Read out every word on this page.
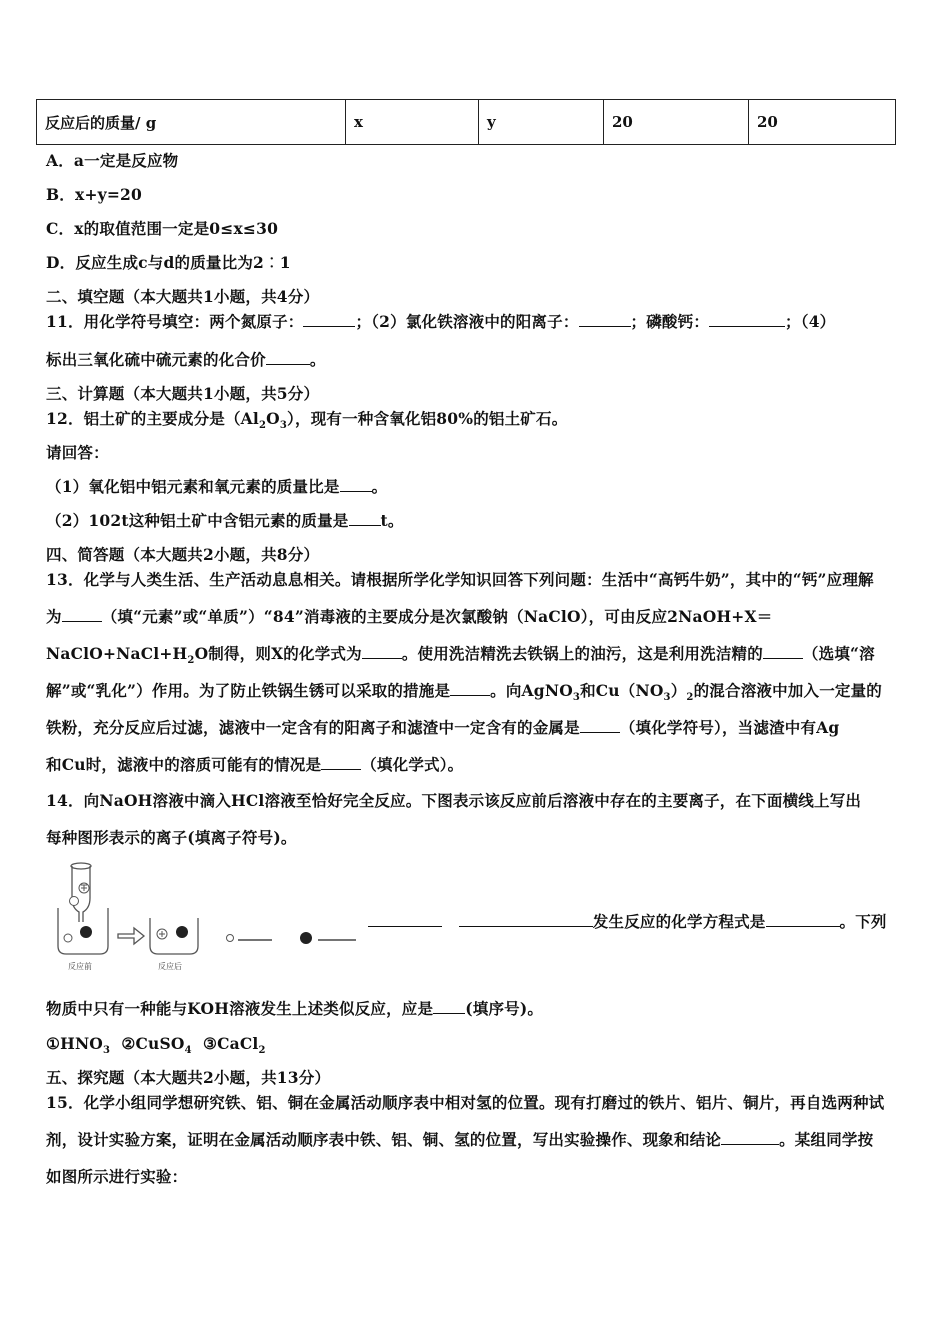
反应后的质量/ g	x	y	20	20
A．a一定是反应物
B．x+y=20
C．x的取值范围一定是0≤x≤30
D．反应生成c与d的质量比为2︰1
二、填空题（本大题共1小题，共4分）
11．用化学符号填空：两个氮原子：	；（2）氯化铁溶液中的阳离子：	；磷酸钙：	；（4）
标出三氧化硫中硫元素的化合价	。
三、计算题（本大题共1小题，共5分）
12．铝土矿的主要成分是$(Al_2O_3)$，现有一种含氧化铝80%的铝土矿石。
请回答：
（1）氧化铝中铝元素和氧元素的质量比是 。
（2）102t这种铝土矿中含铝元素的质量是 t。
四、简答题（本大题共2小题，共8分）
13．化学与人类生活、生产活动息息相关。请根据所学化学知识回答下列问题：生活中“高钙牛奶”，其中的“钙”应理解
为	（填“元素”或“单质”）“84”消毒液的主要成分是次氯酸钠（NaClO），可由反应2NaOH+X＝
$NaClO+NaCl+H_2O$制得，则X的化学式为	。使用洗洁精洗去铁锅上的油污，这是利用洗洁精的	（选填“溶
解”或“乳化”）作用。为了防止铁锅生锈可以采取的措施是	。向AgNO$_3$和$Cu(NO_3)_2$的混合溶液中加入一定量的
铁粉，充分反应后过滤，滤液中一定含有的阳离子和滤渣中一定含有的金属是	（填化学符号），当滤渣中有Ag
和Cu时，滤液中的溶质可能有的情况是	（填化学式）。
14．向NaOH溶液中滴入HCl溶液至恰好完全反应。下图表示该反应前后溶液中存在的主要离子，在下面横线上写出
每种图形表示的离子(填离子符号)。
反应前	反应后
发生反应的化学方程式是	。下列
物质中只有一种能与KOH溶液发生上述类似反应，应是 (填序号)。
$①HNO_3$ ②CuSO$_4$ ③CaCl$_2$
五、探究题（本大题共2小题，共13分）
15．化学小组同学想研究铁、铝、铜在金属活动顺序表中相对氢的位置。现有打磨过的铁片、铝片、铜片，再自选两种试
剂，设计实验方案，证明在金属活动顺序表中铁、铝、铜、氢的位置，写出实验操作、现象和结论	。某组同学按
如图所示进行实验：
